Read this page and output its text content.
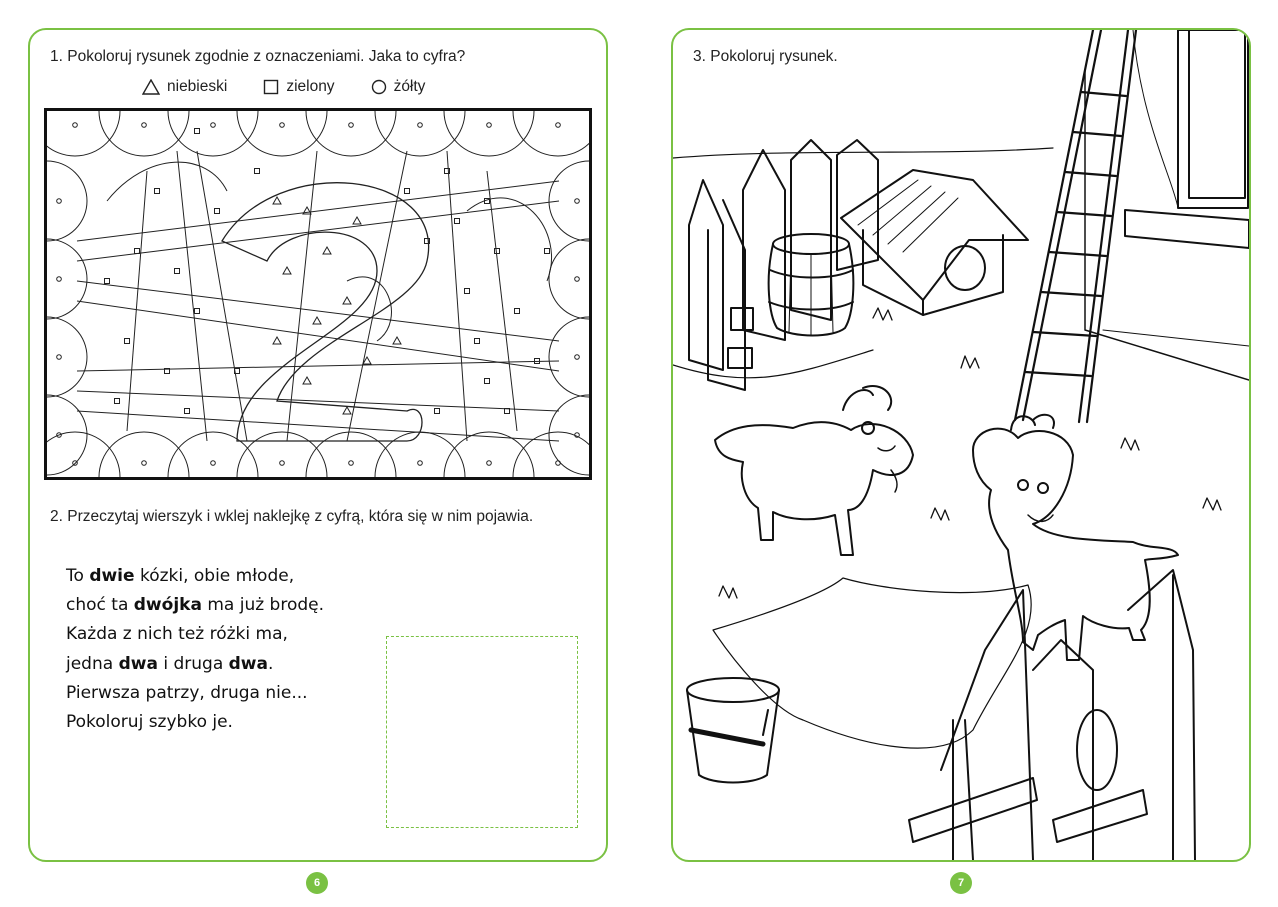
1. Pokoloruj rysunek zgodnie z oznaczeniami. Jaka to cyfra?
niebieski	zielony	żółty
2. Przeczytaj wierszyk i wklej naklejkę z cyfrą, która się w nim pojawia.
To dwie kózki, obie młode,
choć ta dwójka ma już brodę.
Każda z nich też różki ma,
jedna dwa i druga dwa.
Pierwsza patrzy, druga nie...
Pokoloruj szybko je.
3. Pokoloruj rysunek.
6	7
